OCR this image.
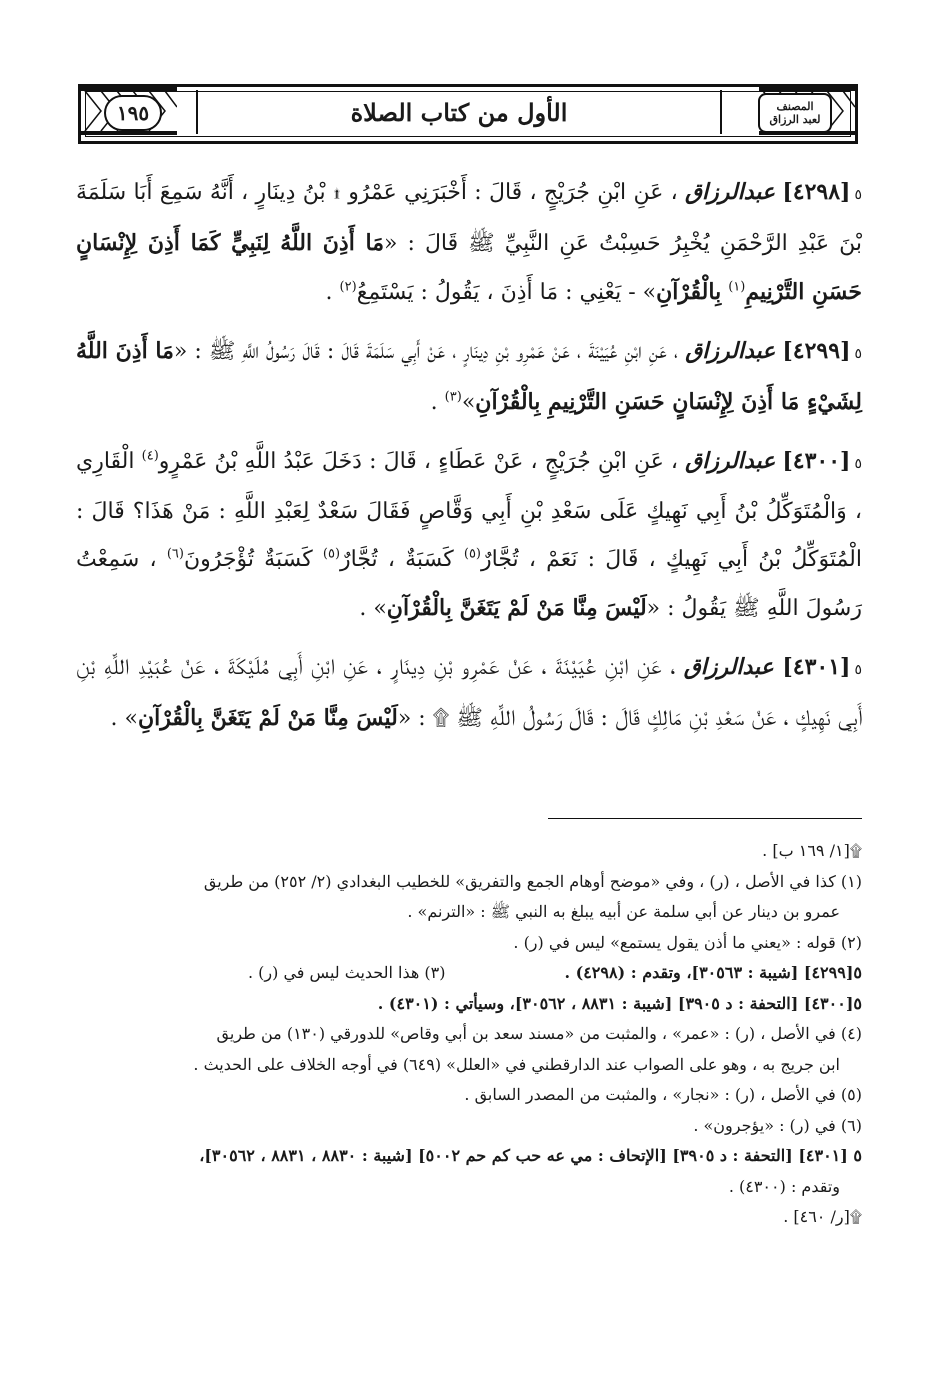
١٩٥	الأول من كتاب الصلاة	المصنف
لعبد الرزاق

٥[٤٢٩٨] عبدالرزاق ، عَنِ ابْنِ جُرَيْجٍ ، قَالَ : أَخْبَرَنِي عَمْرُو ۩ بْنُ دِينَارٍ ، أَنَّهُ سَمِعَ أَبَا سَلَمَةَ بْنَ عَبْدِ الرَّحْمَنِ يُخْبِرُ حَسِبْتُ عَنِ النَّبِيِّ ﷺ قَالَ : «مَا أَذِنَ اللَّهُ لِنَبِيٍّ كَمَا أَذِنَ لِإِنْسَانٍ حَسَنِ التَّرْنِيمِ$^{(١)}$ بِالْقُرْآنِ» - يَعْنِي : مَا أَذِنَ ، يَقُولُ : يَسْتَمِعُ$^{(٢)}$ .

٥[٤٢٩٩] عبدالرزاق ، عَنِ ابْنِ عُيَيْنَةَ ، عَنْ عَمْرِو بْنِ دِينَارٍ ، عَنْ أَبِي سَلَمَةَ قَالَ : قَالَ رَسُولُ اللَّهِ ﷺ : «مَا أَذِنَ اللَّهُ لِشَيْءٍ مَا أَذِنَ لِإِنْسَانٍ حَسَنِ التَّرْنِيمِ بِالْقُرْآنِ»$^{(٣)}$ .

٥[٤٣٠٠] عبدالرزاق ، عَنِ ابْنِ جُرَيْجٍ ، عَنْ عَطَاءٍ ، قَالَ : دَخَلَ عَبْدُ اللَّهِ بْنُ عَمْرٍو$^{(٤)}$ الْقَارِي ، وَالْمُتَوَكِّلُ بْنُ أَبِي نَهِيكٍ عَلَى سَعْدِ بْنِ أَبِي وَقَّاصٍ فَقَالَ سَعْدٌ لِعَبْدِ اللَّهِ : مَنْ هَذَا؟ قَالَ : الْمُتَوَكِّلُ بْنُ أَبِي نَهِيكٍ ، قَالَ : نَعَمْ ، تُجَّارٌ$^{(٥)}$ كَسَبَةٌ ، تُجَّارٌ$^{(٥)}$ كَسَبَةٌ تُؤْجَرُونَ$^{(٦)}$ ، سَمِعْتُ رَسُولَ اللَّهِ ﷺ يَقُولُ : «لَيْسَ مِنَّا مَنْ لَمْ يَتَغَنَّ بِالْقُرْآنِ» .

٥[٤٣٠١] عبدالرزاق ، عَنِ ابْنِ عُيَيْنَةَ ، عَنْ عَمْرِو بْنِ دِينَارٍ ، عَنِ ابْنِ أَبِي مُلَيْكَةَ ، عَنْ عُبَيْدِ اللَّهِ بْنِ أَبِي نَهِيكٍ ، عَنْ سَعْدِ بْنِ مَالِكٍ قَالَ : قَالَ رَسُولُ اللَّهِ ﷺ ۩ : «لَيْسَ مِنَّا مَنْ لَمْ يَتَغَنَّ بِالْقُرْآنِ» .

۩[١/ ١٦٩ ب] .

(١) كذا في الأصل ، (ر) ، وفي «موضح أوهام الجمع والتفريق» للخطيب البغدادي (٢/ ٢٥٢) من طريق

عمرو بن دينار عن أبي سلمة عن أبيه يبلغ به النبي ﷺ : «الترنم» .

(٢) قوله : «يعني ما أذن يقول يستمع» ليس في (ر) .

٥[٤٢٩٩] [شيبة : ٣٠٥٦٣]، وتقدم : (٤٢٩٨) .

(٣) هذا الحديث ليس في (ر) .

٥[٤٣٠٠] [التحفة : د ٣٩٠٥] [شيبة : ٨٨٣١ ، ٣٠٥٦٢]، وسيأتي : (٤٣٠١) .

(٤) في الأصل ، (ر) : «عمر» ، والمثبت من «مسند سعد بن أبي وقاص» للدورقي (١٣٠) من طريق

ابن جريج به ، وهو على الصواب عند الدارقطني في «العلل» (٦٤٩) في أوجه الخلاف على الحديث .

(٥) في الأصل ، (ر) : «نجار» ، والمثبت من المصدر السابق .

(٦) في (ر) : «يؤجرون» .

٥ [٤٣٠١] [التحفة : د ٣٩٠٥] [الإتحاف : مي عه حب كم حم ٥٠٠٢] [شيبة : ٨٨٣٠ ، ٨٨٣١ ، ٣٠٥٦٢]،

وتقدم : (٤٣٠٠) .

۩[ر/ ٤٦٠] .
